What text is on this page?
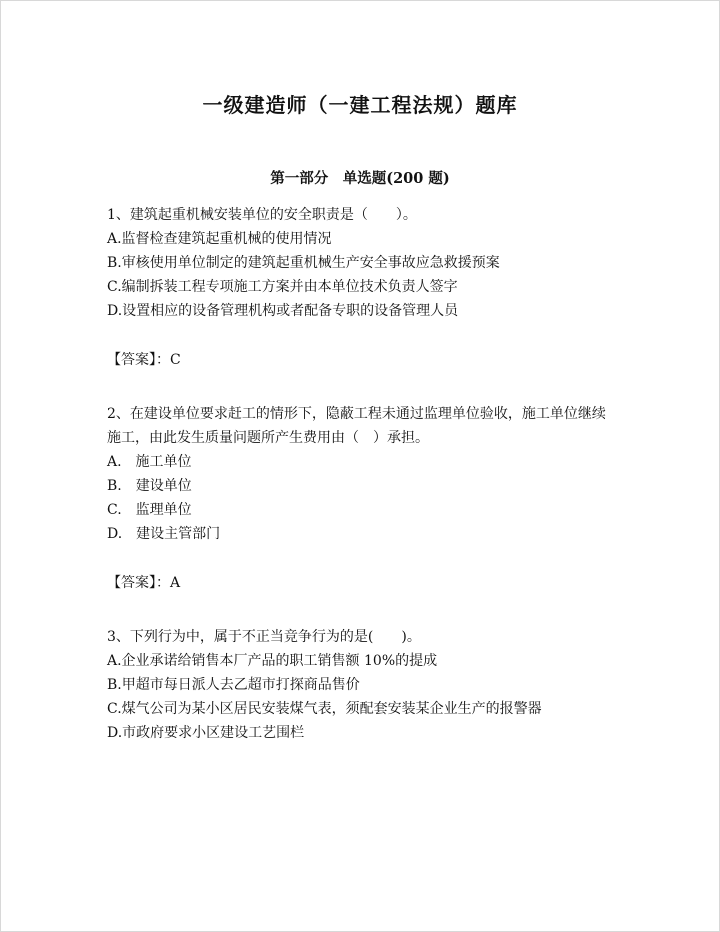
一级建造师（一建工程法规）题库
第一部分　单选题(200 题)
1、建筑起重机械安装单位的安全职责是（　　）。
A.监督检查建筑起重机械的使用情况
B.审核使用单位制定的建筑起重机械生产安全事故应急救援预案
C.编制拆装工程专项施工方案并由本单位技术负责人签字
D.设置相应的设备管理机构或者配备专职的设备管理人员
【答案】：C
2、在建设单位要求赶工的情形下，隐蔽工程未通过监理单位验收，施工单位继续施工，由此发生质量问题所产生费用由（　）承担。
A.　施工单位
B.　建设单位
C.　监理单位
D.　建设主管部门
【答案】：A
3、下列行为中，属于不正当竞争行为的是(　　)。
A.企业承诺给销售本厂产品的职工销售额 10%的提成
B.甲超市每日派人去乙超市打探商品售价
C.煤气公司为某小区居民安装煤气表，须配套安装某企业生产的报警器
D.市政府要求小区建设工艺围栏
